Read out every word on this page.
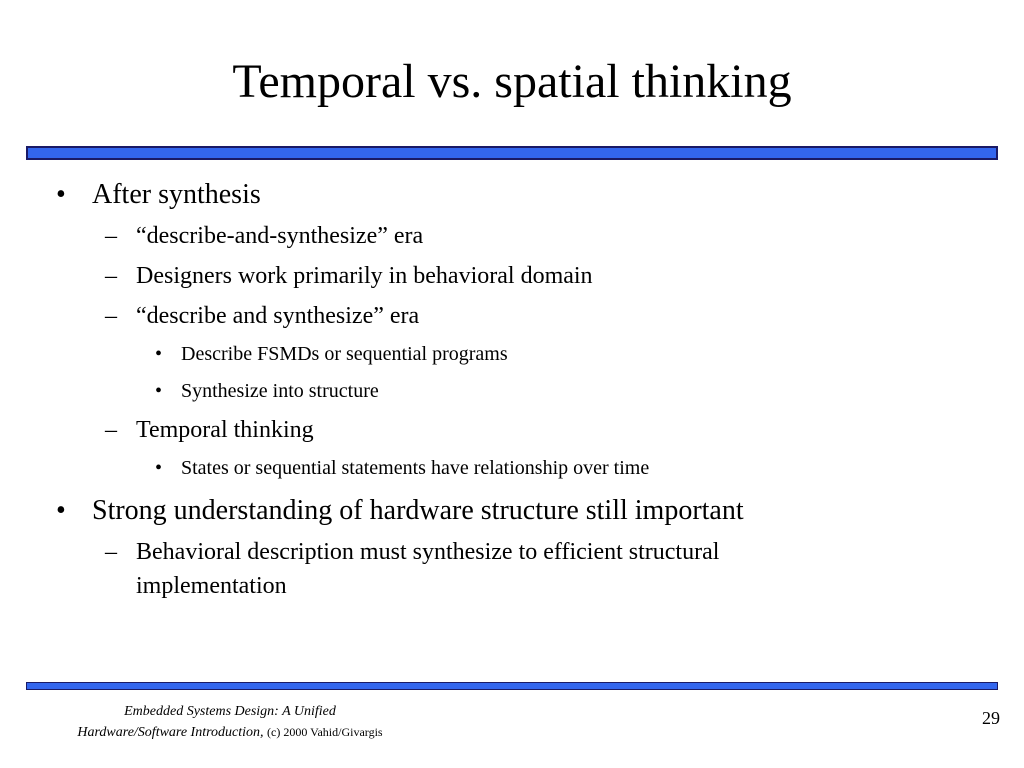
Temporal vs. spatial thinking
• After synthesis
– “describe-and-synthesize” era
– Designers work primarily in behavioral domain
– “describe and synthesize” era
• Describe FSMDs or sequential programs
• Synthesize into structure
– Temporal thinking
• States or sequential statements have relationship over time
• Strong understanding of hardware structure still important
– Behavioral description must synthesize to efficient structural implementation
Embedded Systems Design: A Unified
Hardware/Software Introduction, (c) 2000 Vahid/Givargis
29
